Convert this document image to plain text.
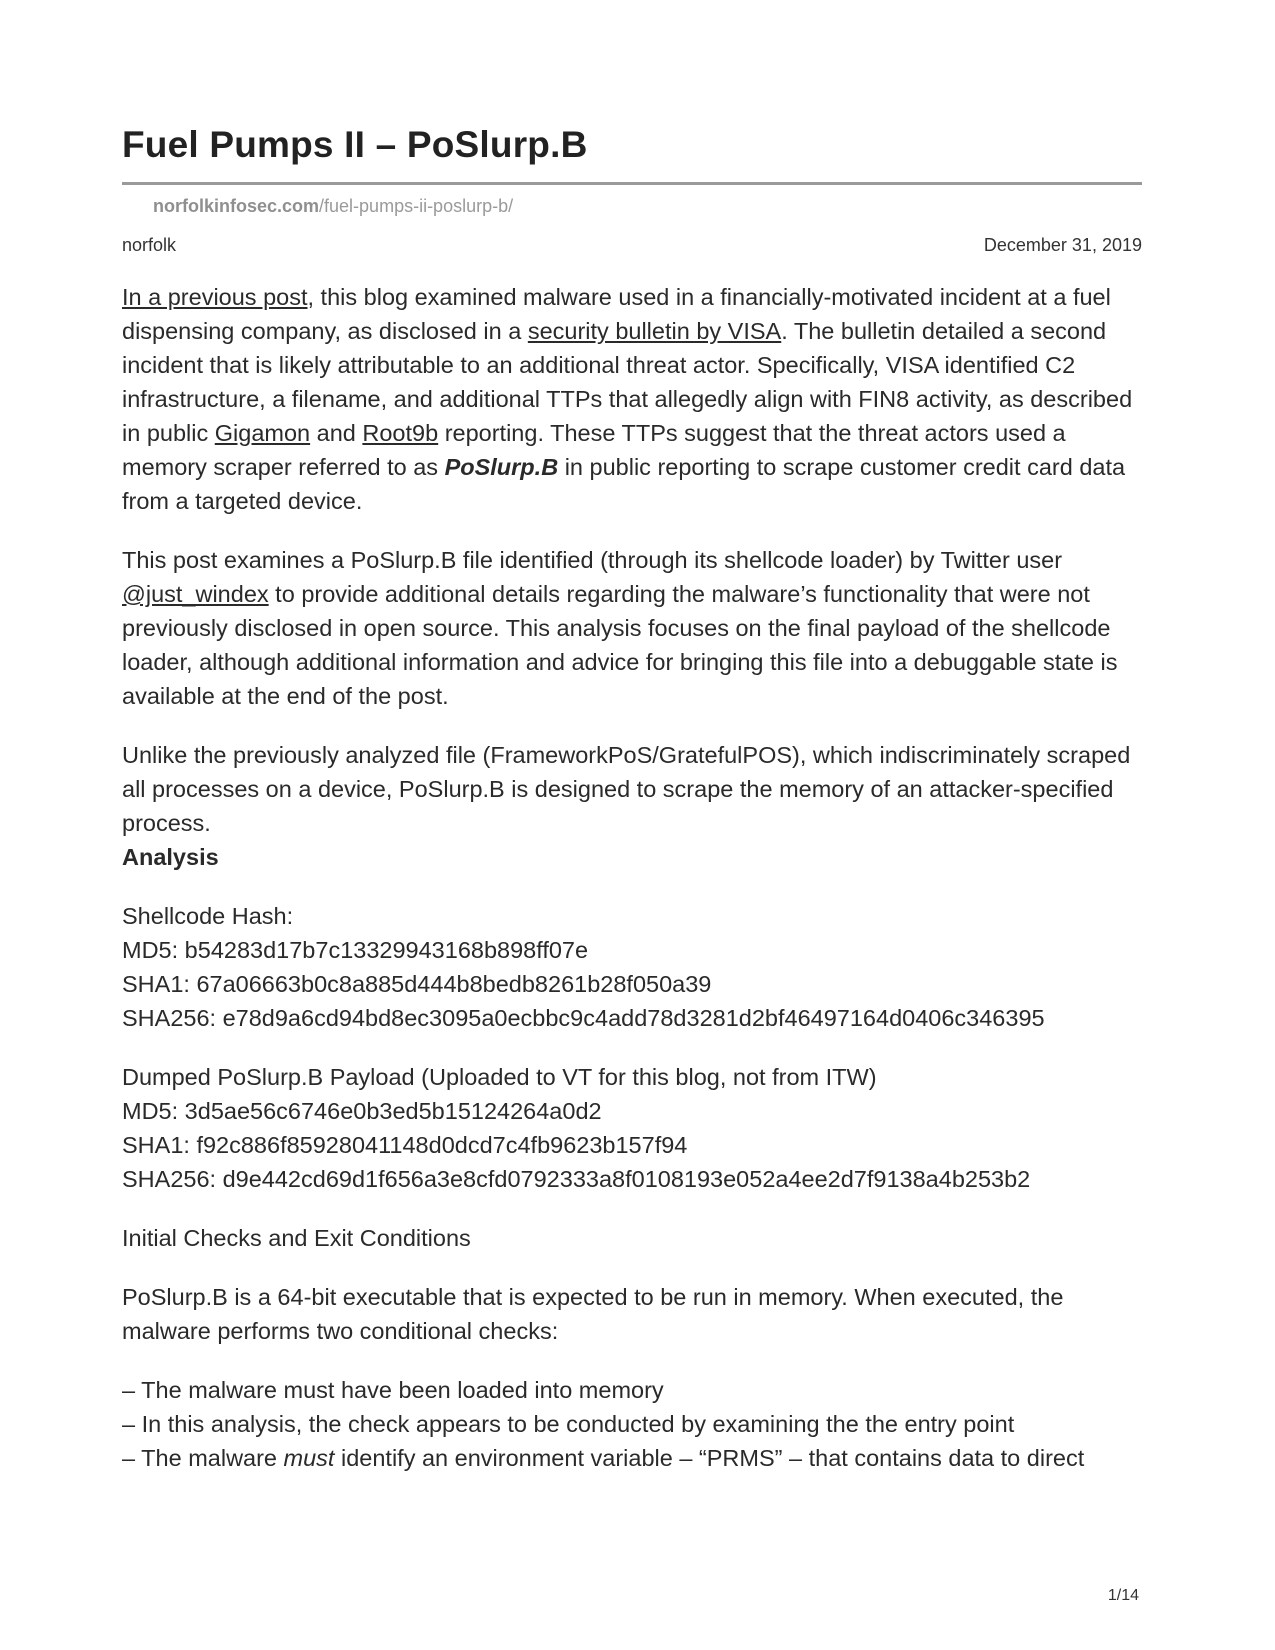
Fuel Pumps II – PoSlurp.B
norfolkinfosec.com/fuel-pumps-ii-poslurp-b/
norfolk	December 31, 2019

In a previous post, this blog examined malware used in a financially-motivated incident at a fuel dispensing company, as disclosed in a security bulletin by VISA. The bulletin detailed a second incident that is likely attributable to an additional threat actor. Specifically, VISA identified C2 infrastructure, a filename, and additional TTPs that allegedly align with FIN8 activity, as described in public Gigamon and Root9b reporting. These TTPs suggest that the threat actors used a memory scraper referred to as PoSlurp.B in public reporting to scrape customer credit card data from a targeted device.

This post examines a PoSlurp.B file identified (through its shellcode loader) by Twitter user @just_windex to provide additional details regarding the malware’s functionality that were not previously disclosed in open source. This analysis focuses on the final payload of the shellcode loader, although additional information and advice for bringing this file into a debuggable state is available at the end of the post.

Unlike the previously analyzed file (FrameworkPoS/GratefulPOS), which indiscriminately scraped all processes on a device, PoSlurp.B is designed to scrape the memory of an attacker-specified process.

Analysis

Shellcode Hash:
MD5: b54283d17b7c13329943168b898ff07e
SHA1: 67a06663b0c8a885d444b8bedb8261b28f050a39
SHA256: e78d9a6cd94bd8ec3095a0ecbbc9c4add78d3281d2bf46497164d0406c346395

Dumped PoSlurp.B Payload (Uploaded to VT for this blog, not from ITW)
MD5: 3d5ae56c6746e0b3ed5b15124264a0d2
SHA1: f92c886f85928041148d0dcd7c4fb9623b157f94
SHA256: d9e442cd69d1f656a3e8cfd0792333a8f0108193e052a4ee2d7f9138a4b253b2

Initial Checks and Exit Conditions

PoSlurp.B is a 64-bit executable that is expected to be run in memory. When executed, the malware performs two conditional checks:

– The malware must have been loaded into memory
– In this analysis, the check appears to be conducted by examining the the entry point
– The malware must identify an environment variable – “PRMS” – that contains data to direct

1/14
